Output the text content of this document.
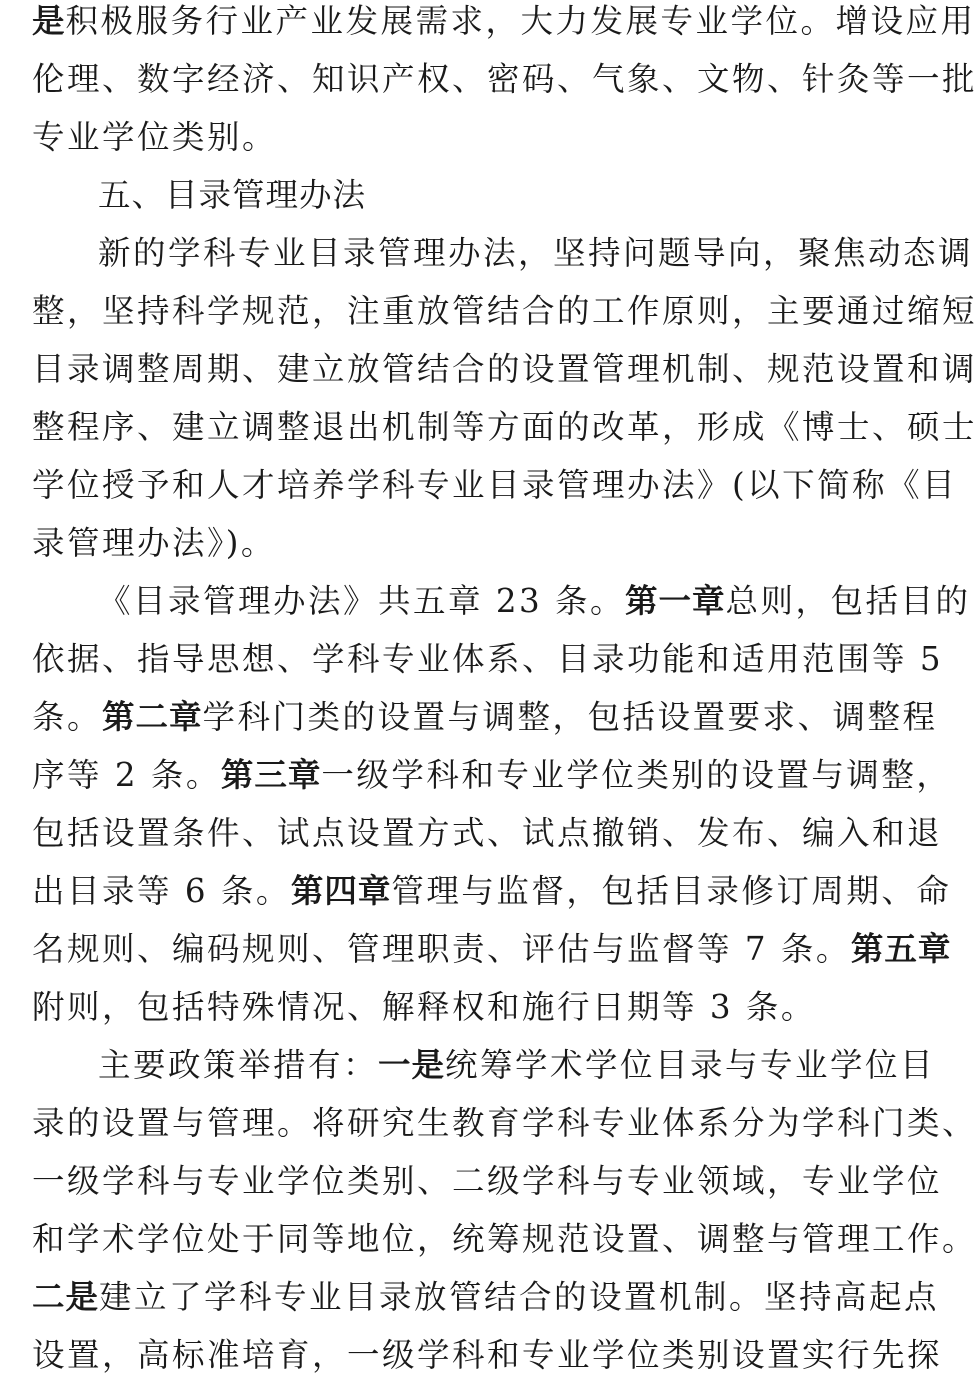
是积极服务行业产业发展需求，大力发展专业学位。增设应用
伦理、数字经济、知识产权、密码、气象、文物、针灸等一批
专业学位类别。
五、目录管理办法
新的学科专业目录管理办法，坚持问题导向，聚焦动态调
整，坚持科学规范，注重放管结合的工作原则，主要通过缩短
目录调整周期、建立放管结合的设置管理机制、规范设置和调
整程序、建立调整退出机制等方面的改革，形成《博士、硕士
学位授予和人才培养学科专业目录管理办法》(以下简称《目
录管理办法》)。
《目录管理办法》共五章 23 条。第一章总则，包括目的
依据、指导思想、学科专业体系、目录功能和适用范围等 5
条。第二章学科门类的设置与调整，包括设置要求、调整程
序等 2 条。第三章一级学科和专业学位类别的设置与调整，
包括设置条件、试点设置方式、试点撤销、发布、编入和退
出目录等 6 条。第四章管理与监督，包括目录修订周期、命
名规则、编码规则、管理职责、评估与监督等 7 条。第五章
附则，包括特殊情况、解释权和施行日期等 3 条。
主要政策举措有：一是统筹学术学位目录与专业学位目
录的设置与管理。将研究生教育学科专业体系分为学科门类、
一级学科与专业学位类别、二级学科与专业领域，专业学位
和学术学位处于同等地位，统筹规范设置、调整与管理工作。
二是建立了学科专业目录放管结合的设置机制。坚持高起点
设置，高标准培育，一级学科和专业学位类别设置实行先探
